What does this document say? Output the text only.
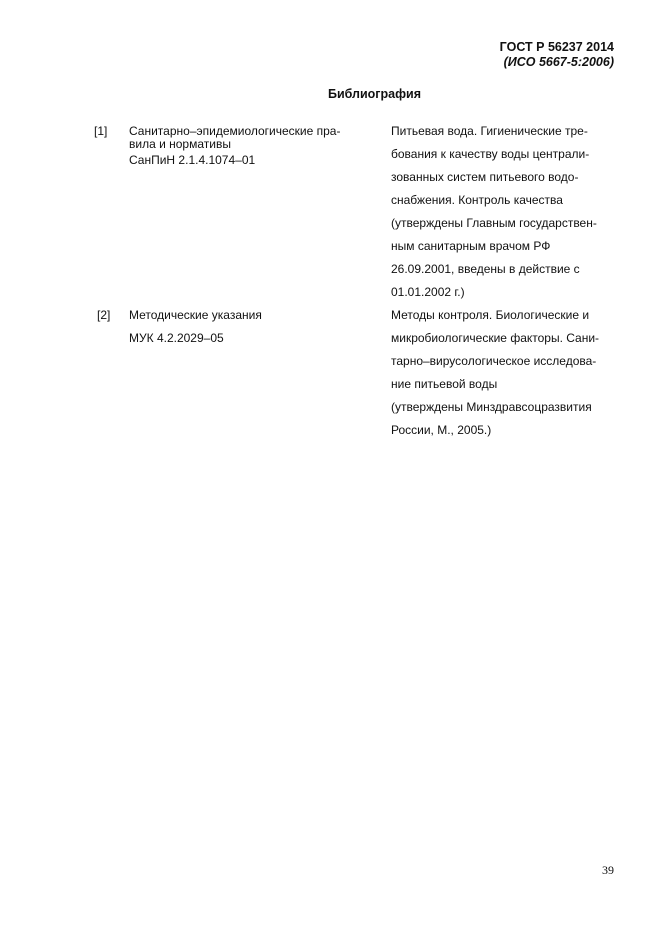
ГОСТ Р 56237 2014
(ИСО 5667-5:2006)
Библиография
[1] Санитарно–эпидемиологические пра-
вила и нормативы
СанПиН 2.1.4.1074–01
Питьевая вода. Гигиенические тре-
бования к качеству воды централи-
зованных систем питьевого водо-
снабжения. Контроль качества
(утверждены Главным государствен-
ным санитарным врачом РФ
26.09.2001, введены в действие с
01.01.2002 г.)
[2] Методические указания
МУК 4.2.2029–05
Методы контроля. Биологические и
микробиологические факторы. Сани-
тарно–вирусологическое исследова-
ние питьевой воды
(утверждены Минздравсоцразвития
России, М., 2005.)
39
